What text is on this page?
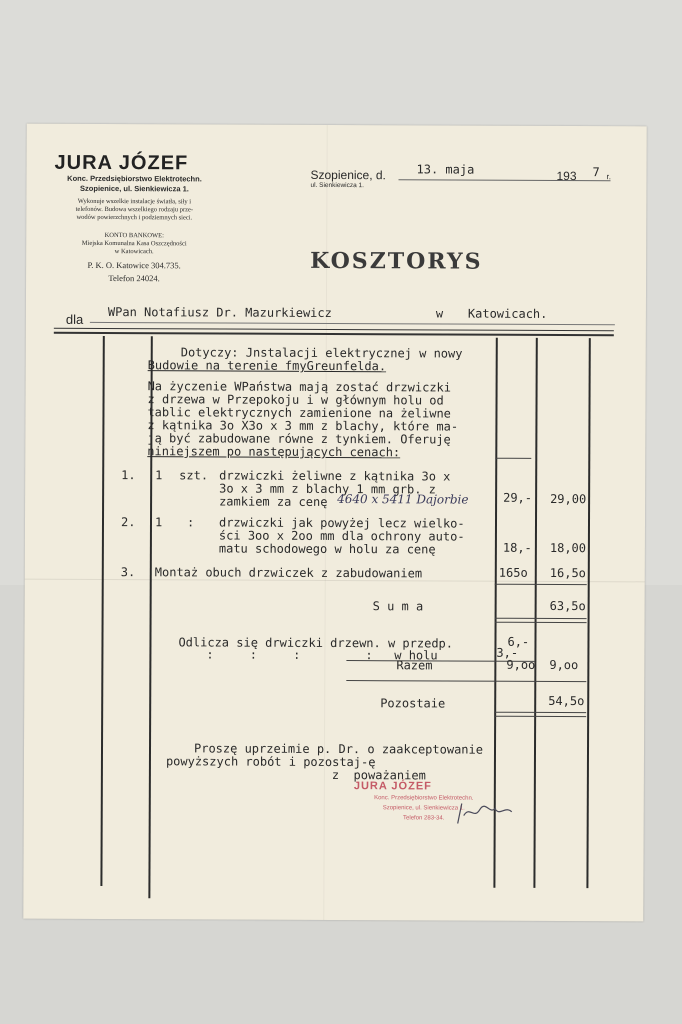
JURA JÓZEF
Konc. Przedsiębiorstwo Elektrotechn.
Szopienice, ul. Sienkiewicza 1.
Wykonuje wszelkie instalacje światła, siły i
telefonów. Budowa wszelkiego rodzaju prze-
wodów powierzchnych i podziemnych sieci.
KONTO BANKOWE:
Miejska Komunalna Kasa Oszczędności
w Katowicach.
P. K. O. Katowice 304.735.
Telefon 24024.
Szopienice, d.
ul. Sienkiewicza 1.
13. maja	193 7 r.
KOSZTORYS
dla WPan Notafiusz Dr. Mazurkiewicz	w Katowicach.
Dotyczy: Jnstalacji elektrycznej w nowy
Budowie na terenie fmyGreunfelda.
Na życzenie WPaństwa mają zostać drzwiczki
z drzewa w Przepokoju i w głównym holu od
tablic elektrycznych zamienione na żeliwne
z kątnika 3o X3o x 3 mm z blachy, które ma-
ją być zabudowane równe z tynkiem. Oferuję
niniejszem po następujących cenach:
1. 1 szt. drzwiczki żeliwne z kątnika 3o x
3o x 3 mm z blachy 1 mm grb. z
zamkiem za cenę 4640 x 5411 Dajorbie	29,- 29,00
2. 1 : drzwiczki jak powyżej lecz wielko-
ści 3oo x 2oo mm dla ochrony auto-
matu schodowego w holu za cenę	18,- 18,00
3. Montaż obuch drzwiczek z zabudowaniem	165o 16,5o
S u m a	63,5o
Odlicza się drwiczki drzewn. w przedp.	6,-
:     :     :         :   w holu	3,-
Razem	9,oo 9,oo
Pozostaie	54,5o
Proszę uprzeimie p. Dr. o zaakceptowanie
powyższych robót i pozostaj-ę
z  poważaniem
JURA JÓZEF
Konc. Przedsiębiorstwo Elektrotechn.
Szopienice, ul. Sienkiewicza 1.
Telefon 283-34.
